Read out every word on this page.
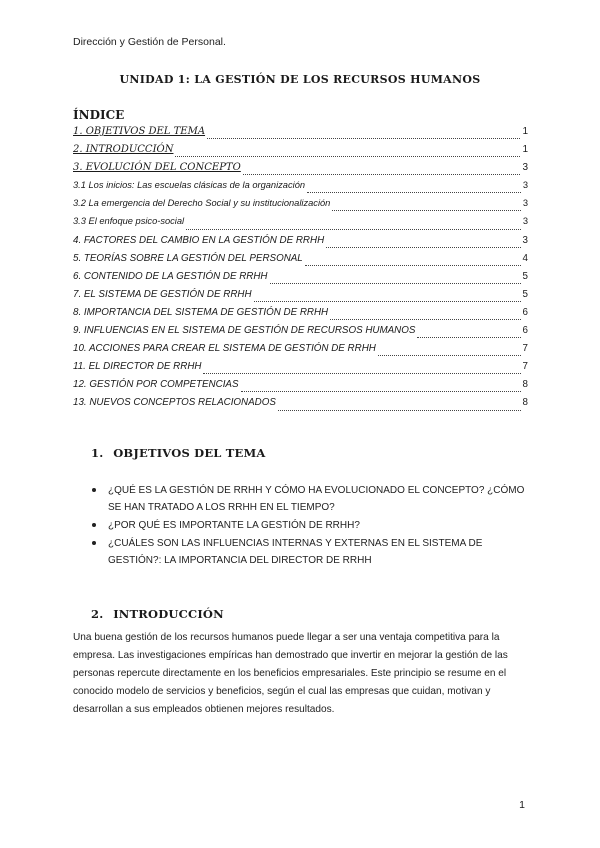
Dirección y Gestión de Personal.
UNIDAD 1: LA GESTIÓN DE LOS RECURSOS HUMANOS
ÍNDICE
1. OBJETIVOS DEL TEMA	1
2. INTRODUCCIÓN	1
3. EVOLUCIÓN DEL CONCEPTO	3
3.1 Los inicios: Las escuelas clásicas de la organización	3
3.2 La emergencia del Derecho Social y su institucionalización	3
3.3 El enfoque psico-social	3
4. FACTORES DEL CAMBIO EN LA GESTIÓN DE RRHH	3
5. TEORÍAS SOBRE LA GESTIÓN DEL PERSONAL	4
6. CONTENIDO DE LA GESTIÓN DE RRHH	5
7. EL SISTEMA DE GESTIÓN DE RRHH	5
8. IMPORTANCIA DEL SISTEMA DE GESTIÓN DE RRHH	6
9. INFLUENCIAS EN EL SISTEMA DE GESTIÓN DE RECURSOS HUMANOS	6
10. ACCIONES PARA CREAR EL SISTEMA DE GESTIÓN DE RRHH	7
11. EL DIRECTOR DE RRHH	7
12. GESTIÓN POR COMPETENCIAS	8
13. NUEVOS CONCEPTOS RELACIONADOS	8
1. OBJETIVOS DEL TEMA
¿QUÉ ES LA GESTIÓN DE RRHH Y CÓMO HA EVOLUCIONADO EL CONCEPTO? ¿CÓMO SE HAN TRATADO A LOS RRHH EN EL TIEMPO?
¿POR QUÉ ES IMPORTANTE LA GESTIÓN DE RRHH?
¿CUÁLES SON LAS INFLUENCIAS INTERNAS Y EXTERNAS EN EL SISTEMA DE GESTIÓN?: LA IMPORTANCIA DEL DIRECTOR DE RRHH
2. INTRODUCCIÓN

Una buena gestión de los recursos humanos puede llegar a ser una ventaja competitiva para la empresa. Las investigaciones empíricas han demostrado que invertir en mejorar la gestión de las personas repercute directamente en los beneficios empresariales. Este principio se resume en el conocido modelo de servicios y beneficios, según el cual las empresas que cuidan, motivan y desarrollan a sus empleados obtienen mejores resultados.

1
